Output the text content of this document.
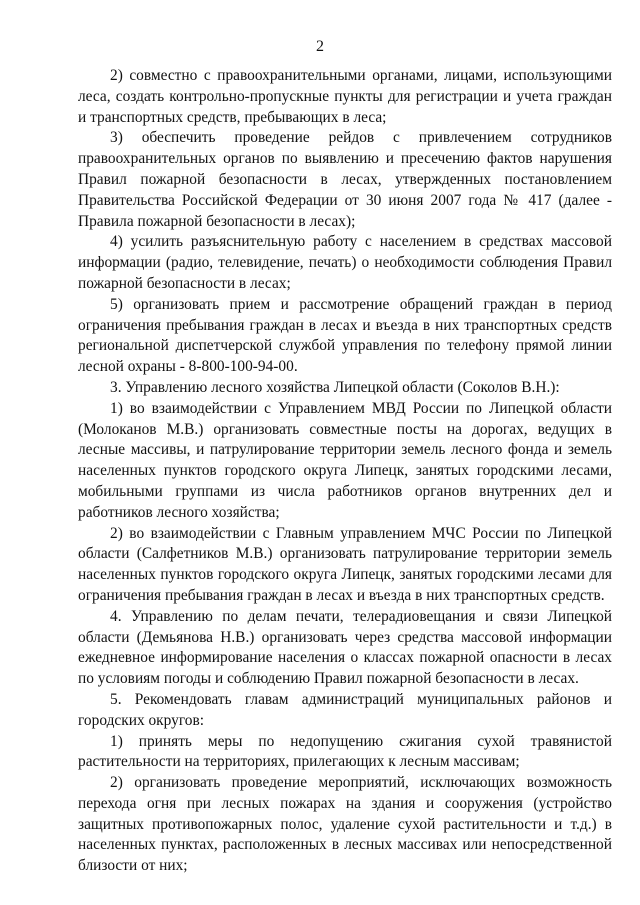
2

2) совместно с правоохранительными органами, лицами, использующими леса, создать контрольно-пропускные пункты для регистрации и учета граждан и транспортных средств, пребывающих в леса;

3) обеспечить проведение рейдов с привлечением сотрудников правоохранительных органов по выявлению и пресечению фактов нарушения Правил пожарной безопасности в лесах, утвержденных постановлением Правительства Российской Федерации от 30 июня 2007 года № 417 (далее - Правила пожарной безопасности в лесах);

4) усилить разъяснительную работу с населением в средствах массовой информации (радио, телевидение, печать) о необходимости соблюдения Правил пожарной безопасности в лесах;

5) организовать прием и рассмотрение обращений граждан в период ограничения пребывания граждан в лесах и въезда в них транспортных средств региональной диспетчерской службой управления по телефону прямой линии лесной охраны - 8-800-100-94-00.

3. Управлению лесного хозяйства Липецкой области (Соколов В.Н.):

1) во взаимодействии с Управлением МВД России по Липецкой области (Молоканов М.В.) организовать совместные посты на дорогах, ведущих в лесные массивы, и патрулирование территории земель лесного фонда и земель населенных пунктов городского округа Липецк, занятых городскими лесами, мобильными группами из числа работников органов внутренних дел и работников лесного хозяйства;

2) во взаимодействии с Главным управлением МЧС России по Липецкой области (Салфетников М.В.) организовать патрулирование территории земель населенных пунктов городского округа Липецк, занятых городскими лесами для ограничения пребывания граждан в лесах и въезда в них транспортных средств.

4. Управлению по делам печати, телерадиовещания и связи Липецкой области (Демьянова Н.В.) организовать через средства массовой информации ежедневное информирование населения о классах пожарной опасности в лесах по условиям погоды и соблюдению Правил пожарной безопасности в лесах.

5. Рекомендовать главам администраций муниципальных районов и городских округов:

1) принять меры по недопущению сжигания сухой травянистой растительности на территориях, прилегающих к лесным массивам;

2) организовать проведение мероприятий, исключающих возможность перехода огня при лесных пожарах на здания и сооружения (устройство защитных противопожарных полос, удаление сухой растительности и т.д.) в населенных пунктах, расположенных в лесных массивах или непосредственной близости от них;
